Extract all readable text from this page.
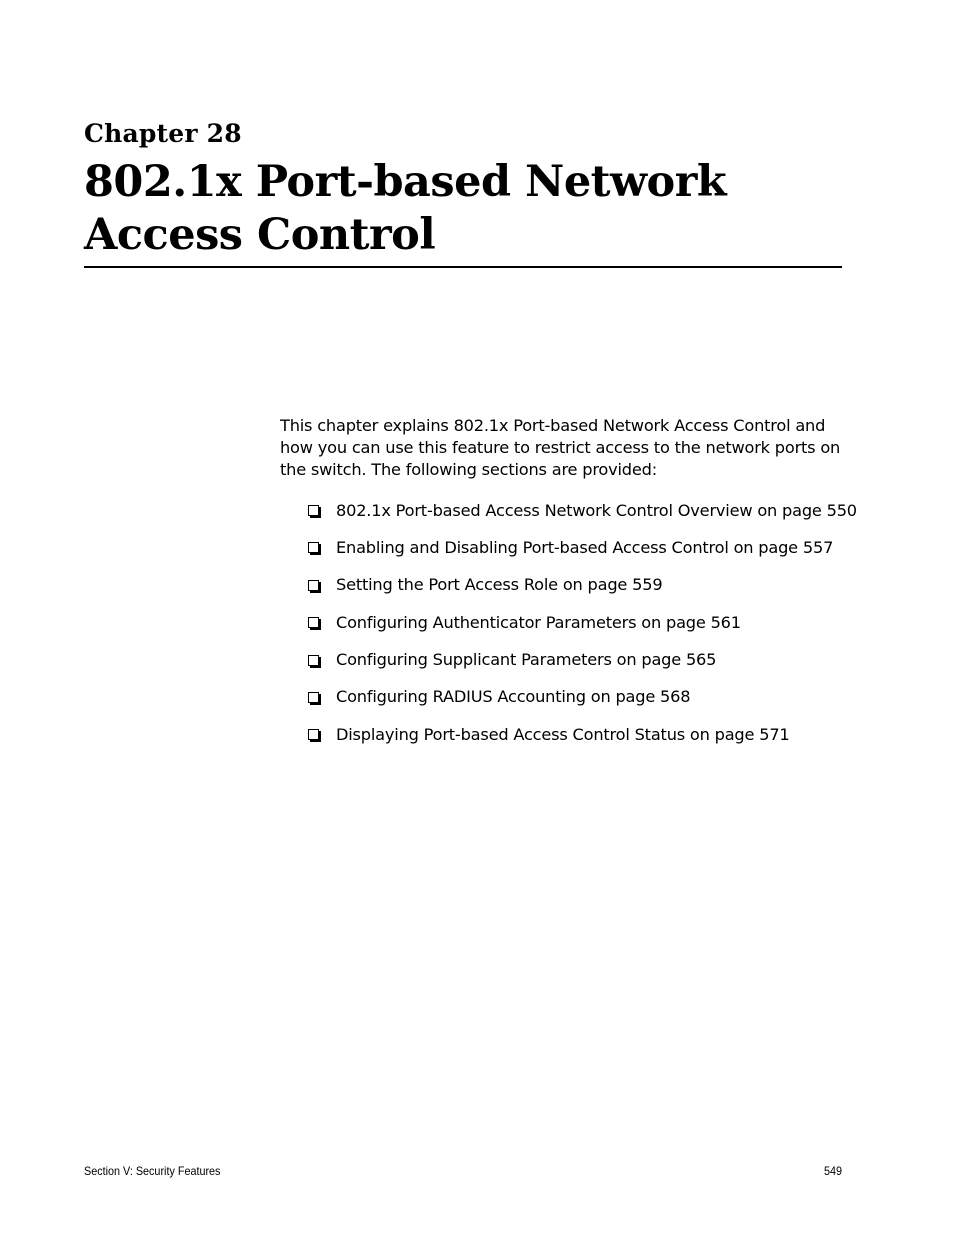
Chapter 28
802.1x Port-based Network
Access Control

This chapter explains 802.1x Port-based Network Access Control and how you can use this feature to restrict access to the network ports on the switch. The following sections are provided:

802.1x Port-based Access Network Control Overview on page 550
Enabling and Disabling Port-based Access Control on page 557
Setting the Port Access Role on page 559
Configuring Authenticator Parameters on page 561
Configuring Supplicant Parameters on page 565
Configuring RADIUS Accounting on page 568
Displaying Port-based Access Control Status on page 571
Section V: Security Features	549
